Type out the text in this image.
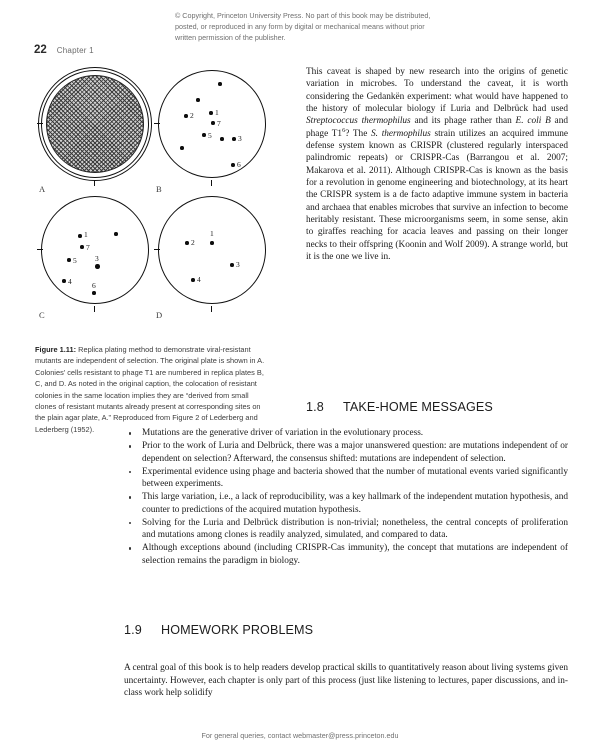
© Copyright, Princeton University Press. No part of this book may be distributed, posted, or reproduced in any form by digital or mechanical means without prior written permission of the publisher.
22 Chapter 1
A
2	1
7
5	3
6
B
1
7
5 3
4	6
C
1
2
3
4
D
Figure 1.11: Replica plating method to demonstrate viral-resistant mutants are independent of selection. The original plate is shown in A. Colonies' cells resistant to phage T1 are numbered in replica plates B, C, and D. As noted in the original caption, the colocation of resistant colonies in the same location implies they are “derived from small clones of resistant mutants already present at corresponding sites on the plain agar plate, A.” Reproduced from Figure 2 of Lederberg and Lederberg (1952).

This caveat is shaped by new research into the origins of genetic variation in microbes. To understand the caveat, it is worth considering the Gedankën experiment: what would have happened to the history of molecular biology if Luria and Delbrück had used Streptococcus thermophilus and its phage rather than E. coli B and phage $T1^6$? The S. thermophilus strain utilizes an acquired immune defense system known as CRISPR (clustered regularly interspaced palindromic repeats) or CRISPR-Cas (Barrangou et al. 2007; Makarova et al. 2011). Although CRISPR-Cas is known as the basis for a revolution in genome engineering and biotechnology, at its heart the CRISPR system is a de facto adaptive immune system in bacteria and archaea that enables microbes that survive an infection to become heritably resistant. These microorganisms seem, in some sense, akin to giraffes reaching for acacia leaves and passing on their longer necks to their offspring (Koonin and Wolf 2009). A strange world, but it is the one we live in.

1.8 TAKE-HOME MESSAGES
Mutations are the generative driver of variation in the evolutionary process.
Prior to the work of Luria and Delbrück, there was a major unanswered question: are mutations independent of or dependent on selection? Afterward, the consensus shifted: mutations are independent of selection.
Experimental evidence using phage and bacteria showed that the number of mutational events varied significantly between experiments.
This large variation, i.e., a lack of reproducibility, was a key hallmark of the independent mutation hypothesis, and counter to predictions of the acquired mutation hypothesis.
Solving for the Luria and Delbrück distribution is non-trivial; nonetheless, the central concepts of proliferation and mutations among clones is readily analyzed, simulated, and compared to data.
Although exceptions abound (including CRISPR-Cas immunity), the concept that mutations are independent of selection remains the paradigm in biology.
1.9 HOMEWORK PROBLEMS

A central goal of this book is to help readers develop practical skills to quantitatively reason about living systems given uncertainty. However, each chapter is only part of this process (just like listening to lectures, paper discussions, and in-class work help solidify

For general queries, contact webmaster@press.princeton.edu
